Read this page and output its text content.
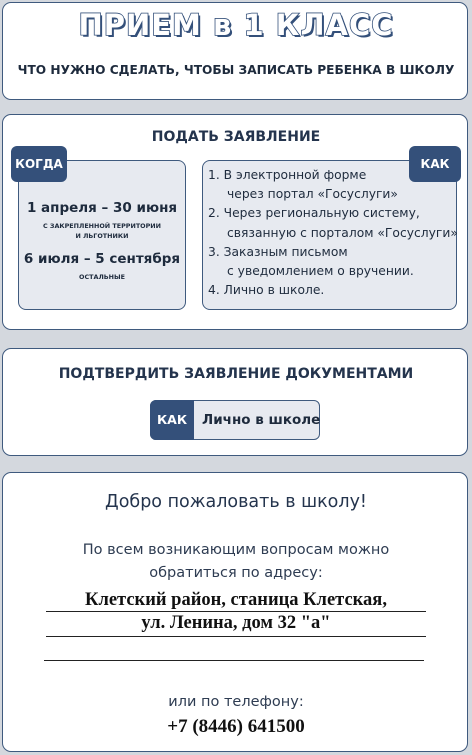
ПРИЕМ в 1 КЛАСС
ЧТО НУЖНО СДЕЛАТЬ, ЧТОБЫ ЗАПИСАТЬ РЕБЕНКА В ШКОЛУ
ПОДАТЬ ЗАЯВЛЕНИЕ
КОГДА
1 апреля – 30 июня
С ЗАКРЕПЛЕННОЙ ТЕРРИТОРИИ
И ЛЬГОТНИКИ
6 июля – 5 сентября
ОСТАЛЬНЫЕ
КАК
1. В электронной форме
через портал «Госуслуги»
2. Через региональную систему,
связанную с порталом «Госуслуги»
3. Заказным письмом
с уведомлением о вручении.
4. Лично в школе.
ПОДТВЕРДИТЬ ЗАЯВЛЕНИЕ ДОКУМЕНТАМИ
КАК	Лично в школе
Добро пожаловать в школу!
По всем возникающим вопросам можно
обратиться по адресу:
Клетский район, станица Клетская,
ул. Ленина, дом 32 "а"
или по телефону:
+7 (8446) 641500
